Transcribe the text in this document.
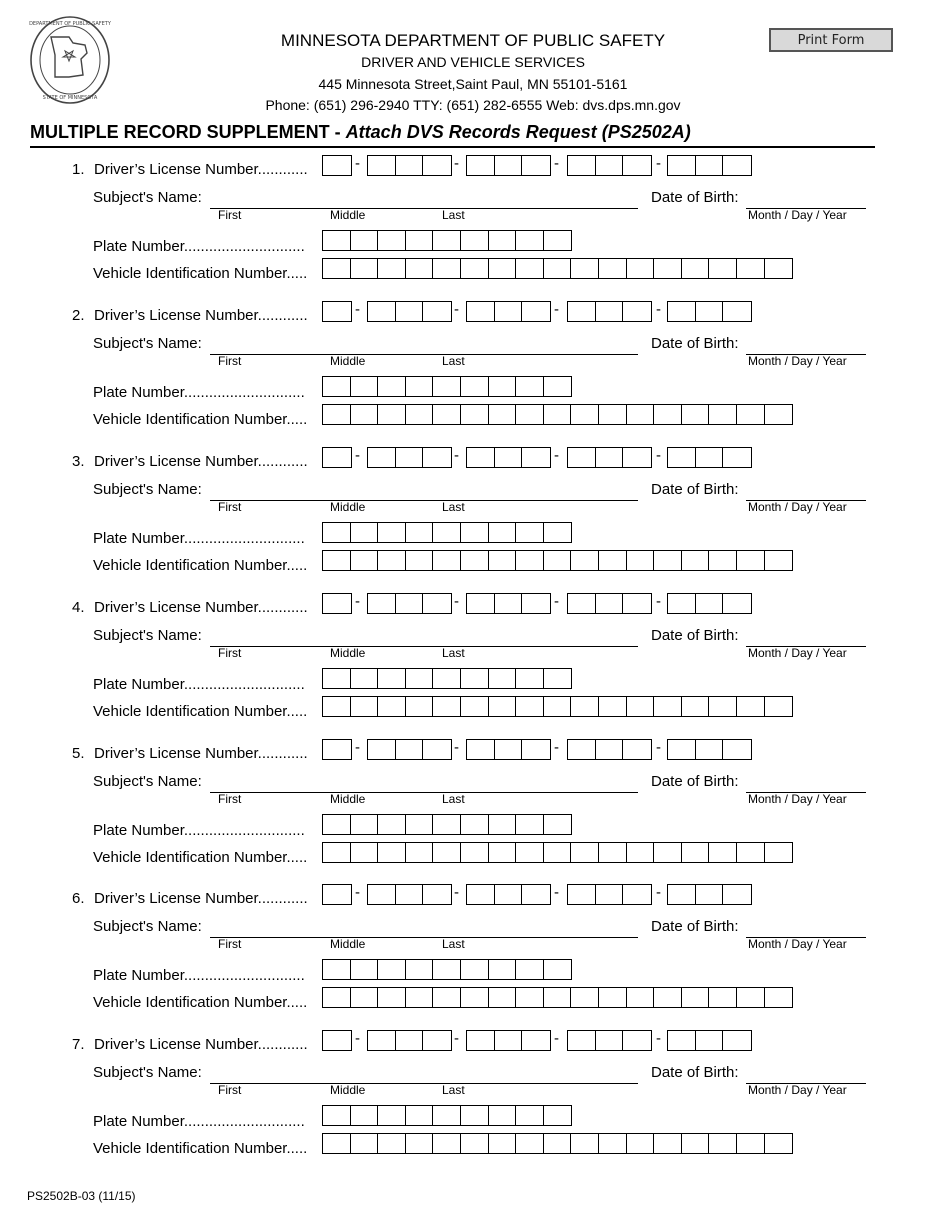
DEPARTMENT OF PUBLIC SAFETY
STATE OF MINNESOTA
MINNESOTA DEPARTMENT OF PUBLIC SAFETY
DRIVER AND VEHICLE SERVICES
445 Minnesota Street,Saint Paul, MN 55101-5161
Phone: (651) 296-2940 TTY: (651) 282-6555 Web: dvs.dps.mn.gov
Print Form
MULTIPLE RECORD SUPPLEMENT - Attach DVS Records Request (PS2502A)
1. Driver’s License Number............	-	-	-	-
Subject's Name:
First	Middle	Last
Date of Birth:
Month / Day / Year
Plate Number.............................
Vehicle Identification Number.....
2. Driver’s License Number............	-	-	-	-
Subject's Name:
First	Middle	Last
Date of Birth:
Month / Day / Year
Plate Number.............................
Vehicle Identification Number.....
3. Driver’s License Number............	-	-	-	-
Subject's Name:
First	Middle	Last
Date of Birth:
Month / Day / Year
Plate Number.............................
Vehicle Identification Number.....
4. Driver’s License Number............	-	-	-	-
Subject's Name:
First	Middle	Last
Date of Birth:
Month / Day / Year
Plate Number.............................
Vehicle Identification Number.....
5. Driver’s License Number............	-	-	-	-
Subject's Name:
First	Middle	Last
Date of Birth:
Month / Day / Year
Plate Number.............................
Vehicle Identification Number.....
6. Driver’s License Number............	-	-	-	-
Subject's Name:
First	Middle	Last
Date of Birth:
Month / Day / Year
Plate Number.............................
Vehicle Identification Number.....
7. Driver’s License Number............	-	-	-	-
Subject's Name:
First	Middle	Last
Date of Birth:
Month / Day / Year
Plate Number.............................
Vehicle Identification Number.....
PS2502B-03 (11/15)
